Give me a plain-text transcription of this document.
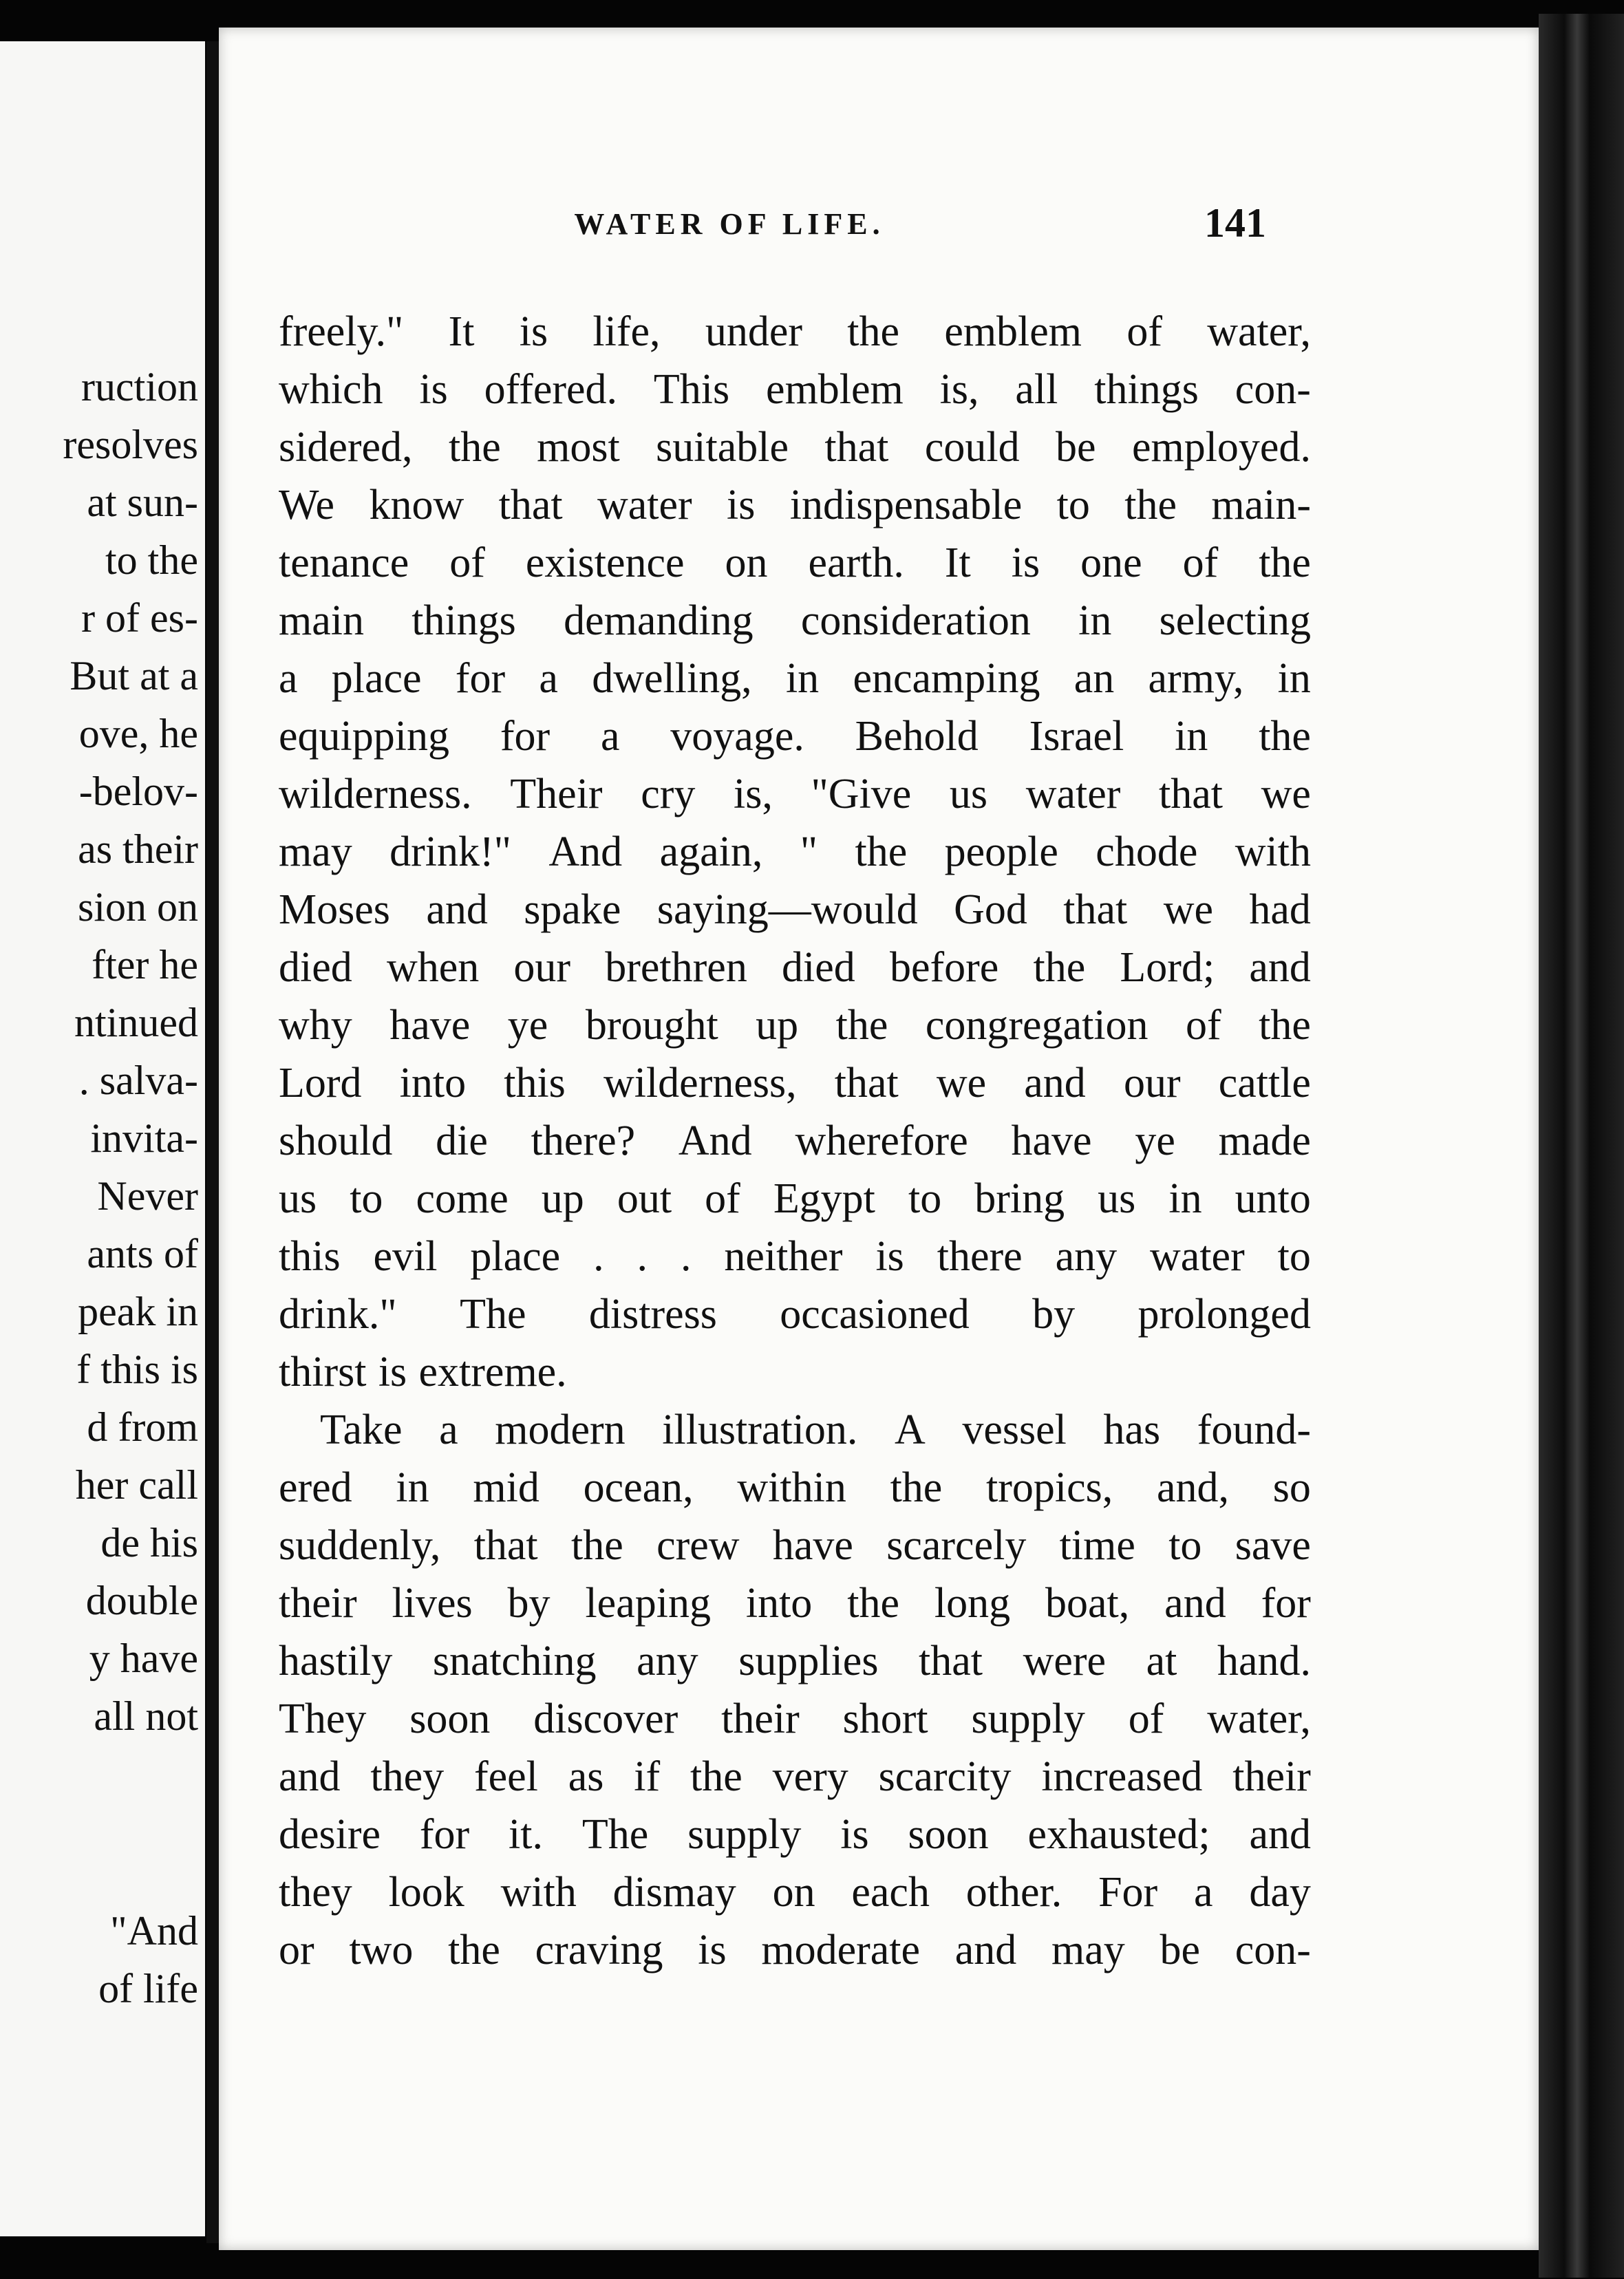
ruction
resolves
at sun-
to the
r of es-
But at a
ove, he
-belov-
as their
sion on
fter he
ntinued
. salva-
invita-
Never
ants of
peak in
f this is
d from
her call
de his
double
y have
all not
"And
of life
WATER OF LIFE.	141
freely." It is life, under the emblem of water,
which is offered. This emblem is, all things con-
sidered, the most suitable that could be employed.
We know that water is indispensable to the main-
tenance of existence on earth. It is one of the
main things demanding consideration in selecting
a place for a dwelling, in encamping an army, in
equipping for a voyage. Behold Israel in the
wilderness. Their cry is, "Give us water that we
may drink!" And again, " the people chode with
Moses and spake saying—would God that we had
died when our brethren died before the Lord; and
why have ye brought up the congregation of the
Lord into this wilderness, that we and our cattle
should die there? And wherefore have ye made
us to come up out of Egypt to bring us in unto
this evil place . . . neither is there any water to
drink." The distress occasioned by prolonged
thirst is extreme.
Take a modern illustration. A vessel has found-
ered in mid ocean, within the tropics, and, so
suddenly, that the crew have scarcely time to save
their lives by leaping into the long boat, and for
hastily snatching any supplies that were at hand.
They soon discover their short supply of water,
and they feel as if the very scarcity increased their
desire for it. The supply is soon exhausted; and
they look with dismay on each other. For a day
or two the craving is moderate and may be con-
